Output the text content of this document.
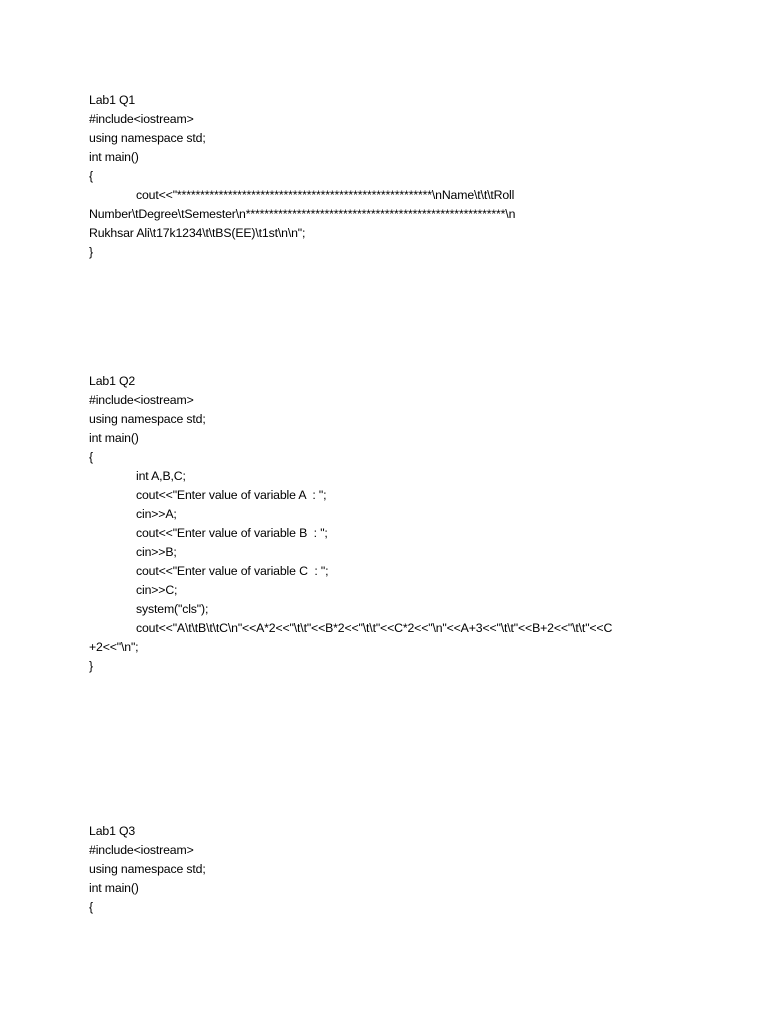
Lab1 Q1
#include<iostream>
using namespace std;
int main()
{
cout<<"*******************************************************\nName\t\t\tRoll
Number\tDegree\tSemester\n********************************************************\n
Rukhsar Ali\t17k1234\t\tBS(EE)\t1st\n\n";
}
Lab1 Q2
#include<iostream>
using namespace std;
int main()
{
int A,B,C;
cout<<"Enter value of variable A  : ";
cin>>A;
cout<<"Enter value of variable B  : ";
cin>>B;
cout<<"Enter value of variable C  : ";
cin>>C;
system("cls");
cout<<"A\t\tB\t\tC\n"<<A*2<<"\t\t"<<B*2<<"\t\t"<<C*2<<"\n"<<A+3<<"\t\t"<<B+2<<"\t\t"<<C
+2<<"\n";
}
Lab1 Q3
#include<iostream>
using namespace std;
int main()
{
